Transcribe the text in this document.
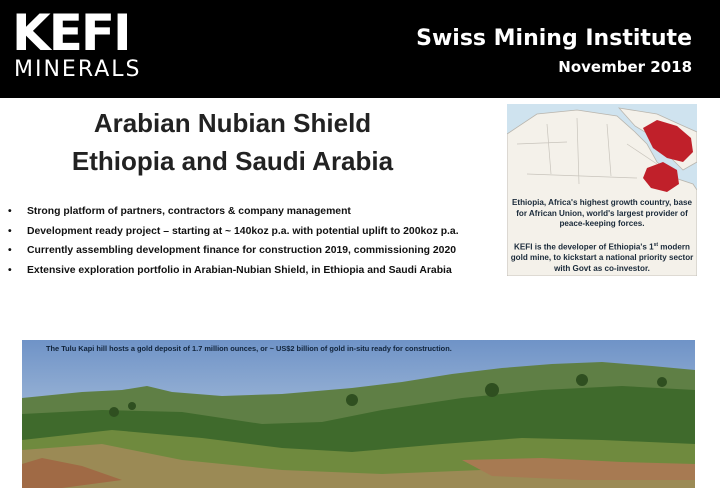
KEFI
MINERALS
Swiss Mining Institute
November 2018
Arabian Nubian Shield
Ethiopia and Saudi Arabia
• Strong platform of partners, contractors & company management
• Development ready project – starting at ~ 140koz p.a. with potential uplift to 200koz p.a.
• Currently assembling development finance for construction 2019, commissioning 2020
• Extensive exploration portfolio in Arabian-Nubian Shield, in Ethiopia and Saudi Arabia
Ethiopia, Africa's highest growth country, base for African Union, world's largest provider of peace-keeping forces.
KEFI is the developer of Ethiopia's 1st modern gold mine, to kickstart a national priority sector with Govt as co-investor.
The Tulu Kapi hill hosts a gold deposit of 1.7 million ounces, or ~ US$2 billion of gold in-situ ready for construction.
